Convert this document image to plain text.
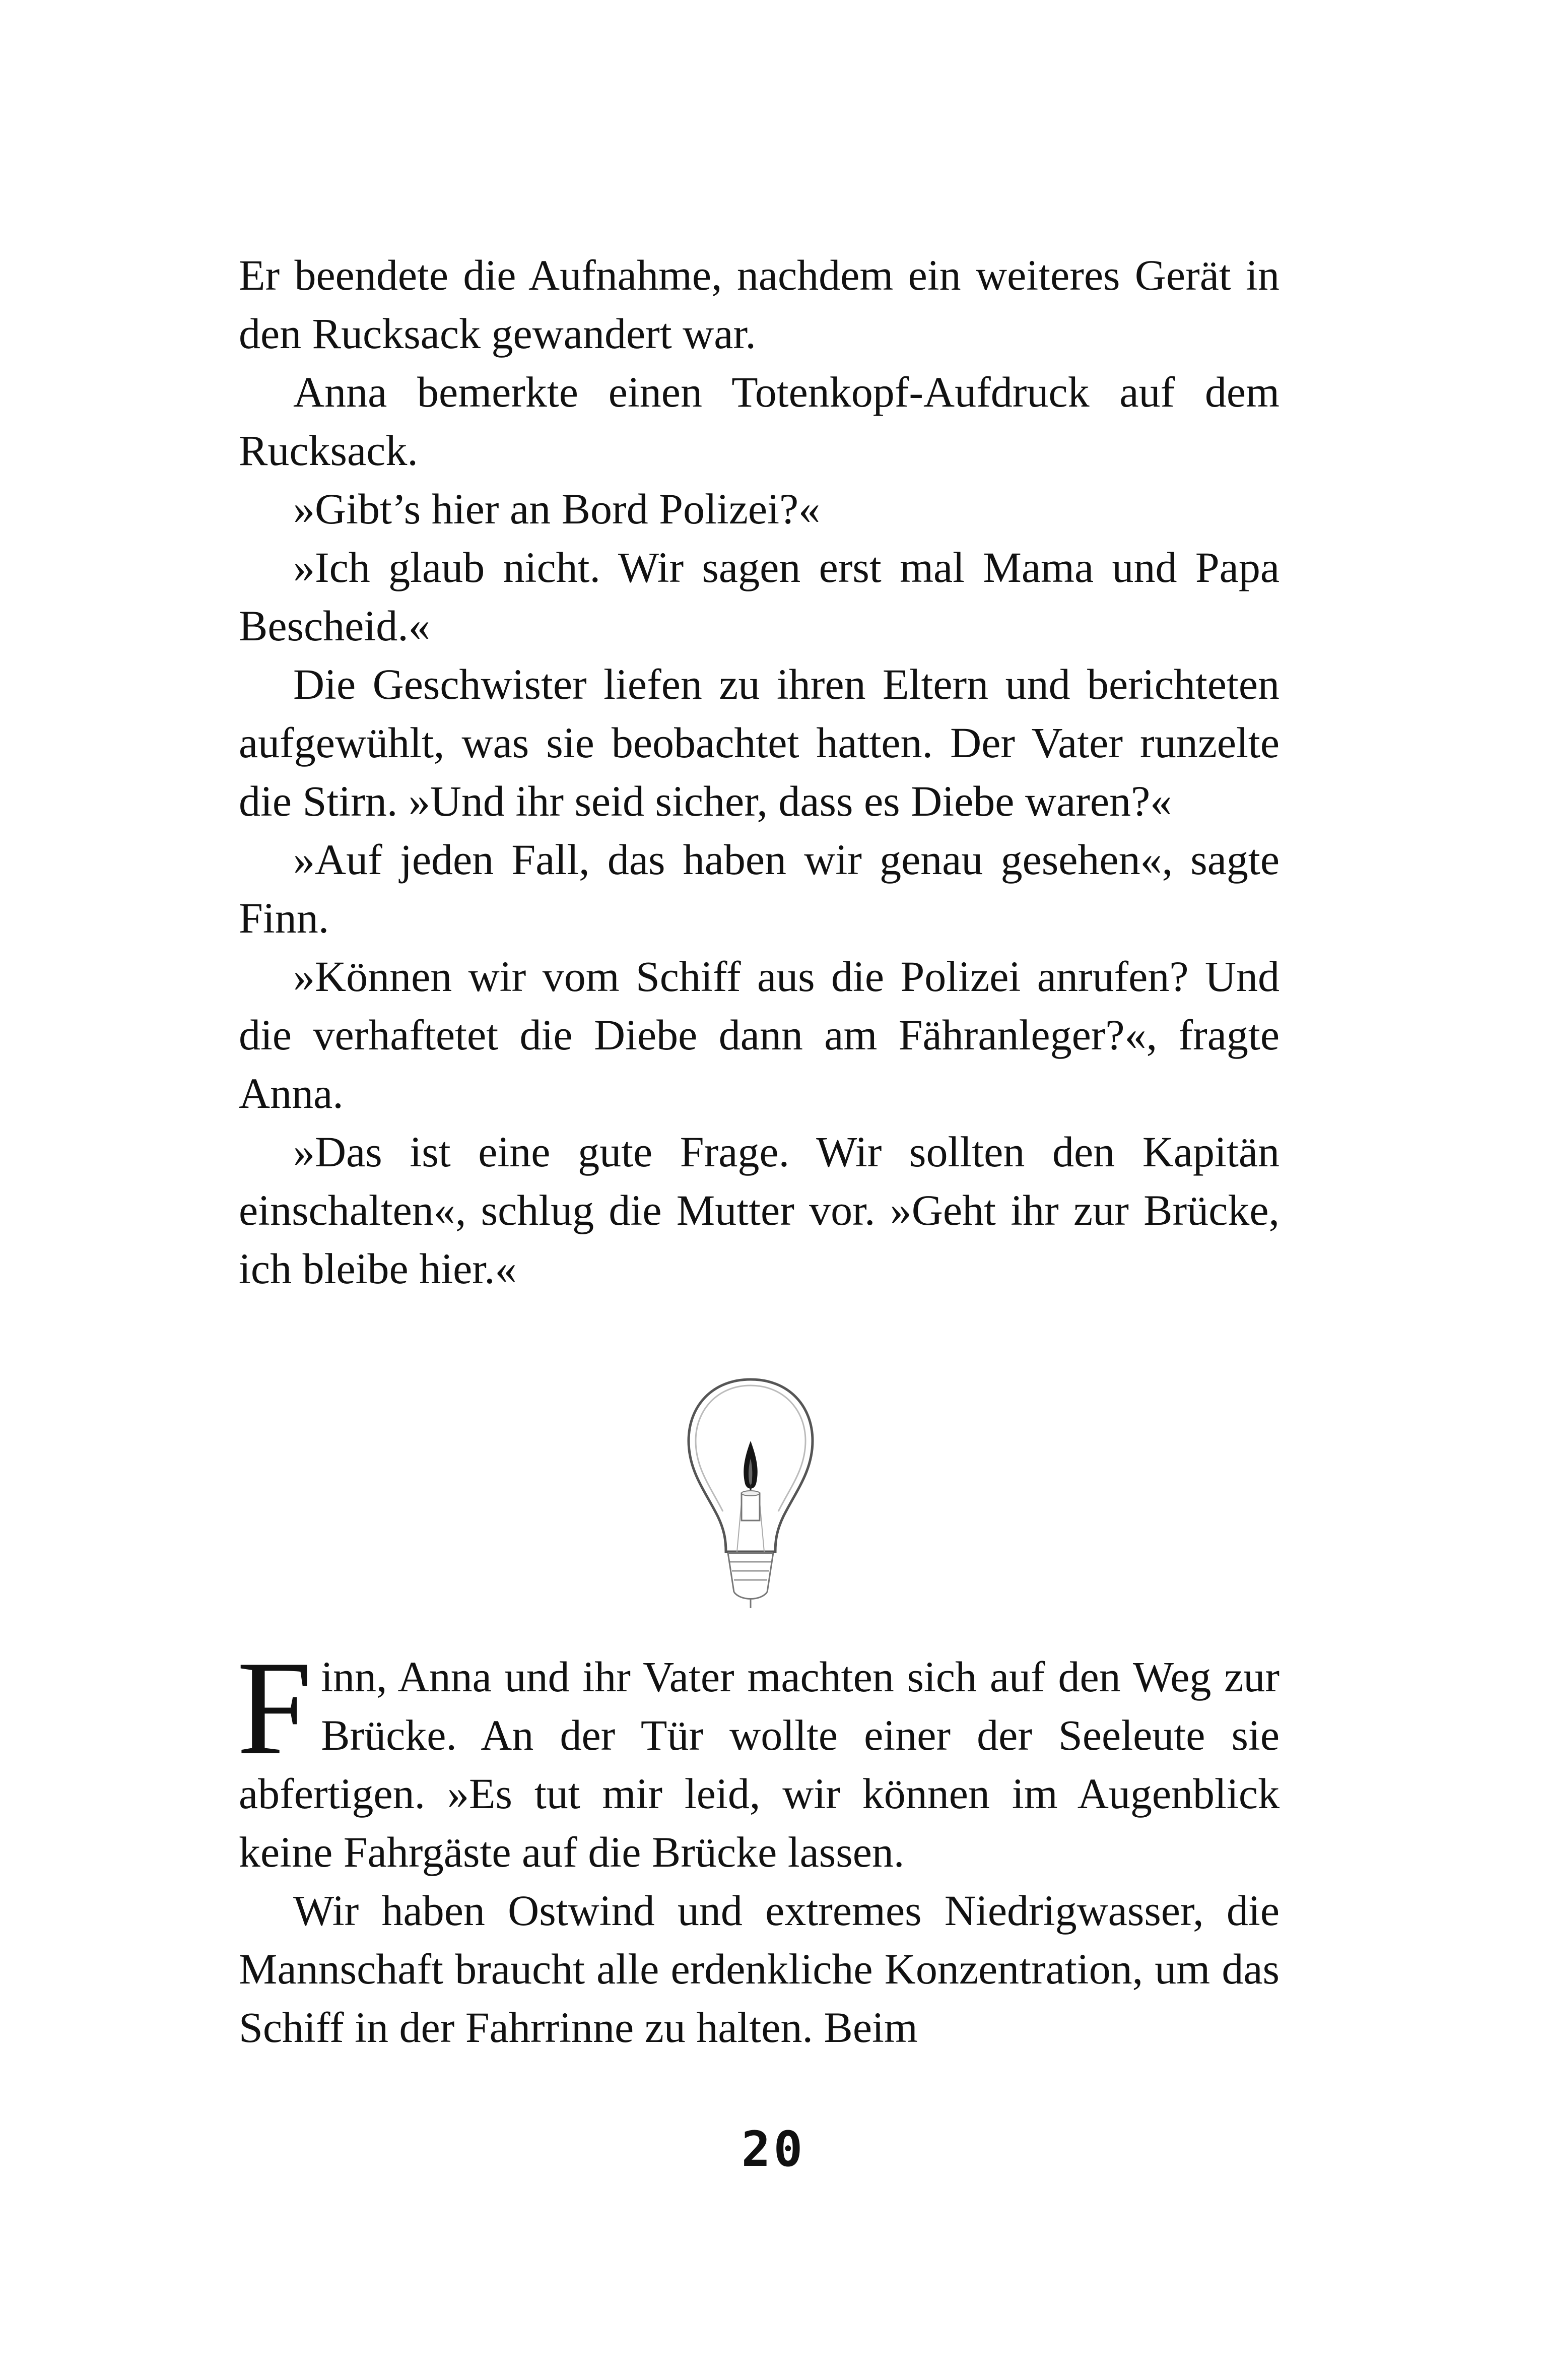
Er beendete die Aufnahme, nachdem ein weiteres Gerät in den Rucksack gewandert war.

Anna bemerkte einen Totenkopf-Aufdruck auf dem Rucksack.

»Gibt’s hier an Bord Polizei?«

»Ich glaub nicht. Wir sagen erst mal Mama und Papa Bescheid.«

Die Geschwister liefen zu ihren Eltern und berichteten aufgewühlt, was sie beobachtet hatten. Der Vater runzelte die Stirn. »Und ihr seid sicher, dass es Diebe waren?«

»Auf jeden Fall, das haben wir genau gesehen«, sagte Finn.

»Können wir vom Schiff aus die Polizei anrufen? Und die verhaftetet die Diebe dann am Fähranleger?«, fragte Anna.

»Das ist eine gute Frage. Wir sollten den Kapitän einschalten«, schlug die Mutter vor. »Geht ihr zur Brücke, ich bleibe hier.«

Finn, Anna und ihr Vater machten sich auf den Weg zur Brücke. An der Tür wollte einer der Seeleute sie abfertigen. »Es tut mir leid, wir können im Augenblick keine Fahrgäste auf die Brücke lassen.

Wir haben Ostwind und extremes Niedrigwasser, die Mannschaft braucht alle erdenkliche Konzentration, um das Schiff in der Fahrrinne zu halten. Beim

20
